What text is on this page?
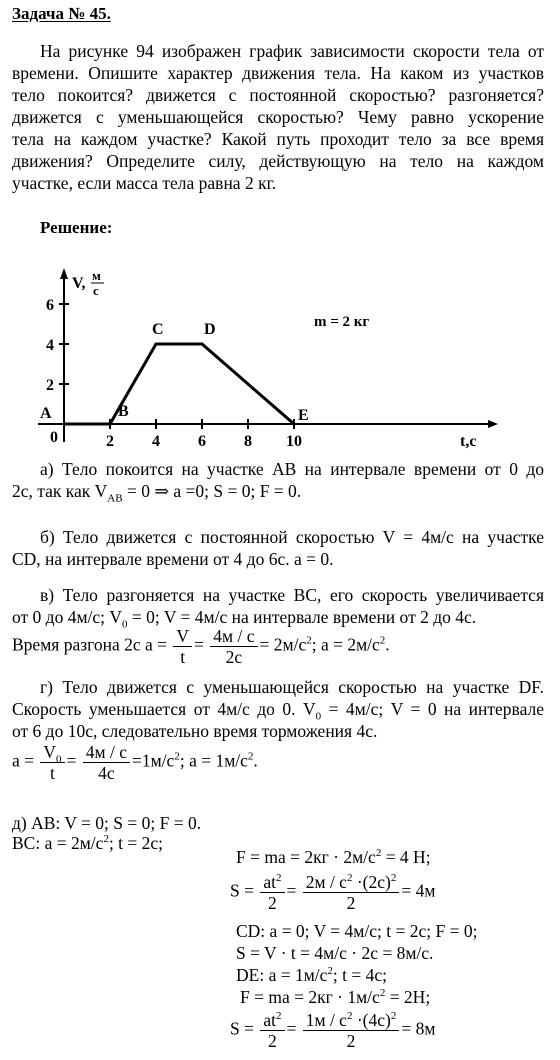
Задача № 45.
На рисунке 94 изображен график зависимости скорости тела от
времени. Опишите характер движения тела. На каком из участков
тело покоится? движется с постоянной скоростью? разгоняется?
движется с уменьшающейся скоростью? Чему равно ускорение
тела на каждом участке? Какой путь проходит тело за все время
движения? Определите силу, действующую на тело на каждом
участке, если масса тела равна 2 кг.
Решение:
V, м
с
t,с
0
m = 2 кг
2 4 6 8 10
2
4
6
A	B
C	D
E
а) Тело покоится на участке АВ на интервале времени от 0 до
2с, так как $V_{AB} = 0$ ⇒ a =0; S = 0; F = 0.
б) Тело движется с постоянной скоростью V = 4м/с на участке
CD, на интервале времени от 4 до 6с. a = 0.
в) Тело разгоняется на участке ВС, его скорость увеличивается
от 0 до 4м/с; $V_0 = 0$; V = 4м/с на интервале времени от 2 до 4с.
Время разгона 2с $a = \frac{V}{t} = \frac{4м / с}{2с} = 2м/с^2$; $a = 2м/с^2$.
г) Тело движется с уменьшающейся скоростью на участке DF.
Скорость уменьшается от 4м/с до 0. $V_0 = 4м/с$; V = 0 на интервале
от 6 до 10с, следовательно время торможения 4с.
$a = \frac{V_0}{t} = \frac{4м / с}{4с} =1м/с^2$; $a = 1м/с^2$.
д) AB: V = 0; S = 0; F = 0.
BC: $a = 2м/с^2$; t = 2с;
F = ma = $2кг \cdot 2м/с^2 = 4$ Н;
$S = \frac{at^2}{2} = \frac{2м / с^2 \cdot(2с)^2}{2} = 4м$
CD: a = 0; V = 4м/с; t = 2с; F = 0;
S = V · t = 4м/с · 2с = 8м/с.
DE: $a = 1м/с^2$; t = 4с;
F = ma = $2кг \cdot 1м/с^2 = 2Н$;
$S = \frac{at^2}{2} = \frac{1м / с^2 \cdot(4с)^2}{2} = 8м$
